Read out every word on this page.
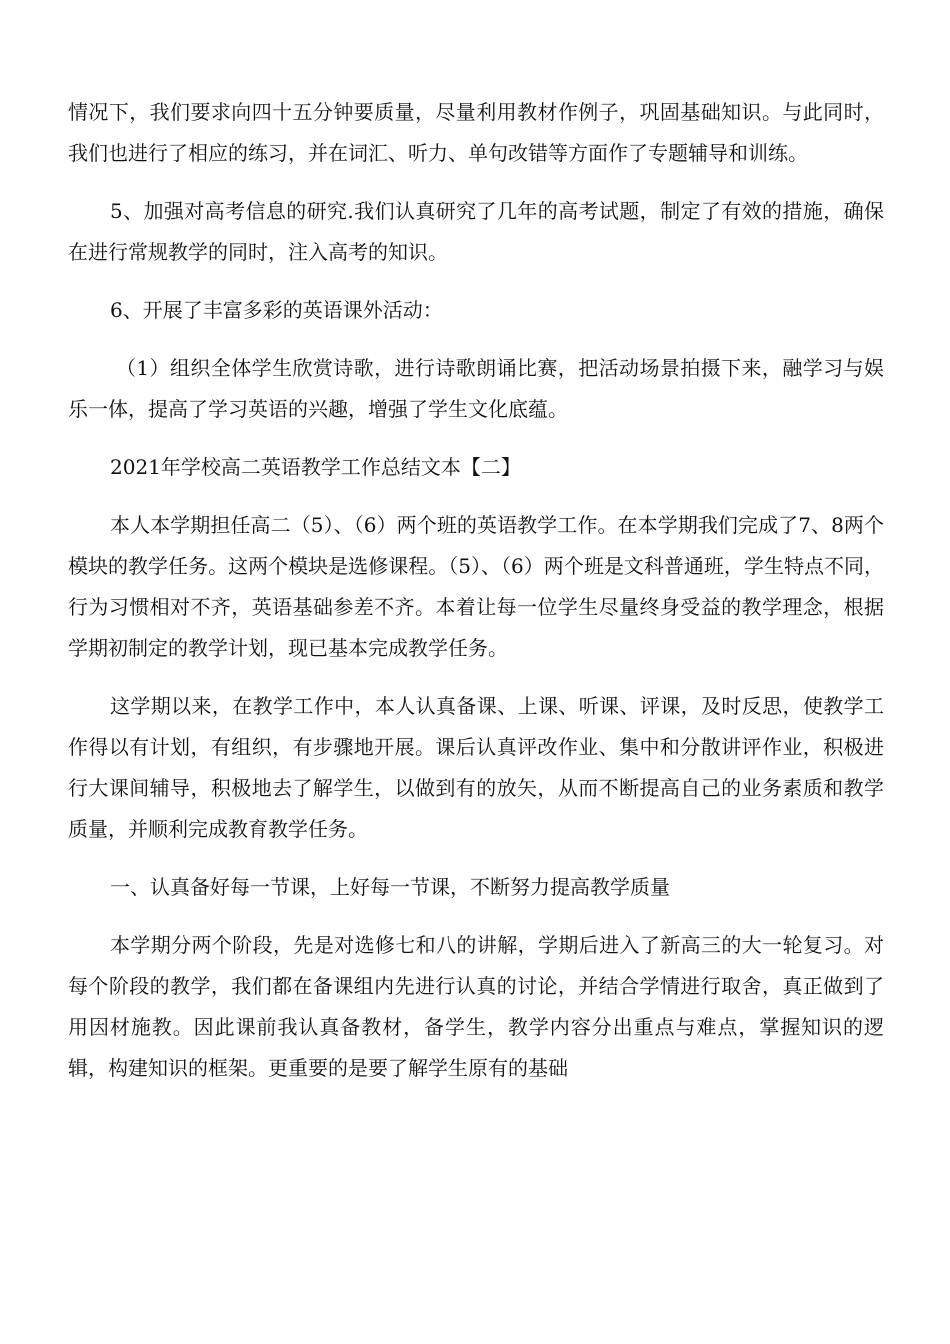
情况下，我们要求向四十五分钟要质量，尽量利用教材作例子，巩固基础知识。与此同时，我们也进行了相应的练习，并在词汇、听力、单句改错等方面作了专题辅导和训练。

5、加强对高考信息的研究.我们认真研究了几年的高考试题，制定了有效的措施，确保在进行常规教学的同时，注入高考的知识。

6、开展了丰富多彩的英语课外活动：

（1）组织全体学生欣赏诗歌，进行诗歌朗诵比赛，把活动场景拍摄下来，融学习与娱乐一体，提高了学习英语的兴趣，增强了学生文化底蕴。

2021年学校高二英语教学工作总结文本【二】

本人本学期担任高二（5）、（6）两个班的英语教学工作。在本学期我们完成了7、8两个模块的教学任务。这两个模块是选修课程。（5）、（6）两个班是文科普通班，学生特点不同，行为习惯相对不齐，英语基础参差不齐。本着让每一位学生尽量终身受益的教学理念，根据学期初制定的教学计划，现已基本完成教学任务。

这学期以来，在教学工作中，本人认真备课、上课、听课、评课，及时反思，使教学工作得以有计划，有组织，有步骤地开展。课后认真评改作业、集中和分散讲评作业，积极进行大课间辅导，积极地去了解学生，以做到有的放矢，从而不断提高自己的业务素质和教学质量，并顺利完成教育教学任务。

一、认真备好每一节课，上好每一节课，不断努力提高教学质量

本学期分两个阶段，先是对选修七和八的讲解，学期后进入了新高三的大一轮复习。对每个阶段的教学，我们都在备课组内先进行认真的讨论，并结合学情进行取舍，真正做到了用因材施教。因此课前我认真备教材，备学生，教学内容分出重点与难点，掌握知识的逻辑，构建知识的框架。更重要的是要了解学生原有的基础
